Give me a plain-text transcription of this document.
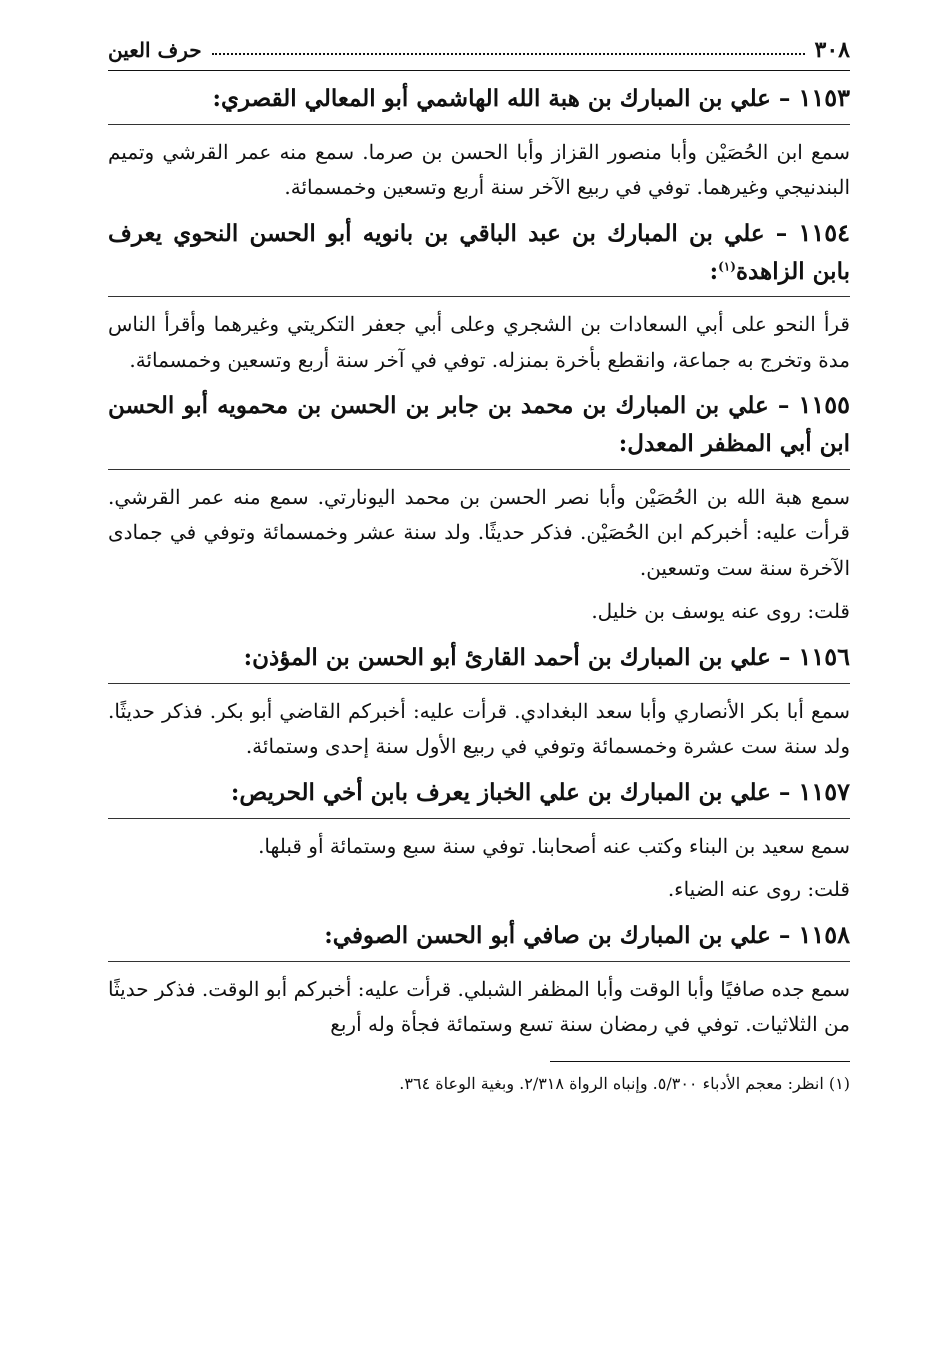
٣٠٨
حرف العين
١١٥٣ – علي بن المبارك بن هبة الله الهاشمي أبو المعالي القصري:
سمع ابن الحُصَيْن وأبا منصور القزاز وأبا الحسن بن صرما. سمع منه عمر القرشي وتميم البندنيجي وغيرهما. توفي في ربيع الآخر سنة أربع وتسعين وخمسمائة.
١١٥٤ – علي بن المبارك بن عبد الباقي بن بانويه أبو الحسن النحوي يعرف بابن الزاهدة$^{(١)}$:
قرأ النحو على أبي السعادات بن الشجري وعلى أبي جعفر التكريتي وغيرهما وأقرأ الناس مدة وتخرج به جماعة، وانقطع بأخرة بمنزله. توفي في آخر سنة أربع وتسعين وخمسمائة.
١١٥٥ – علي بن المبارك بن محمد بن جابر بن الحسن بن محمويه أبو الحسن ابن أبي المظفر المعدل:
سمع هبة الله بن الحُصَيْن وأبا نصر الحسن بن محمد اليونارتي. سمع منه عمر القرشي. قرأت عليه: أخبركم ابن الحُصَيْن. فذكر حديثًا. ولد سنة عشر وخمسمائة وتوفي في جمادى الآخرة سنة ست وتسعين.
قلت: روى عنه يوسف بن خليل.
١١٥٦ – علي بن المبارك بن أحمد القارئ أبو الحسن بن المؤذن:
سمع أبا بكر الأنصاري وأبا سعد البغدادي. قرأت عليه: أخبركم القاضي أبو بكر. فذكر حديثًا. ولد سنة ست عشرة وخمسمائة وتوفي في ربيع الأول سنة إحدى وستمائة.
١١٥٧ – علي بن المبارك بن علي الخباز يعرف بابن أخي الحريص:
سمع سعيد بن البناء وكتب عنه أصحابنا. توفي سنة سبع وستمائة أو قبلها.
قلت: روى عنه الضياء.
١١٥٨ – علي بن المبارك بن صافي أبو الحسن الصوفي:
سمع جده صافيًا وأبا الوقت وأبا المظفر الشبلي. قرأت عليه: أخبركم أبو الوقت. فذكر حديثًا من الثلاثيات. توفي في رمضان سنة تسع وستمائة فجأة وله أربع
(١) انظر: معجم الأدباء ٥/٣٠٠. وإنباه الرواة ٢/٣١٨. وبغية الوعاة ٣٦٤.
